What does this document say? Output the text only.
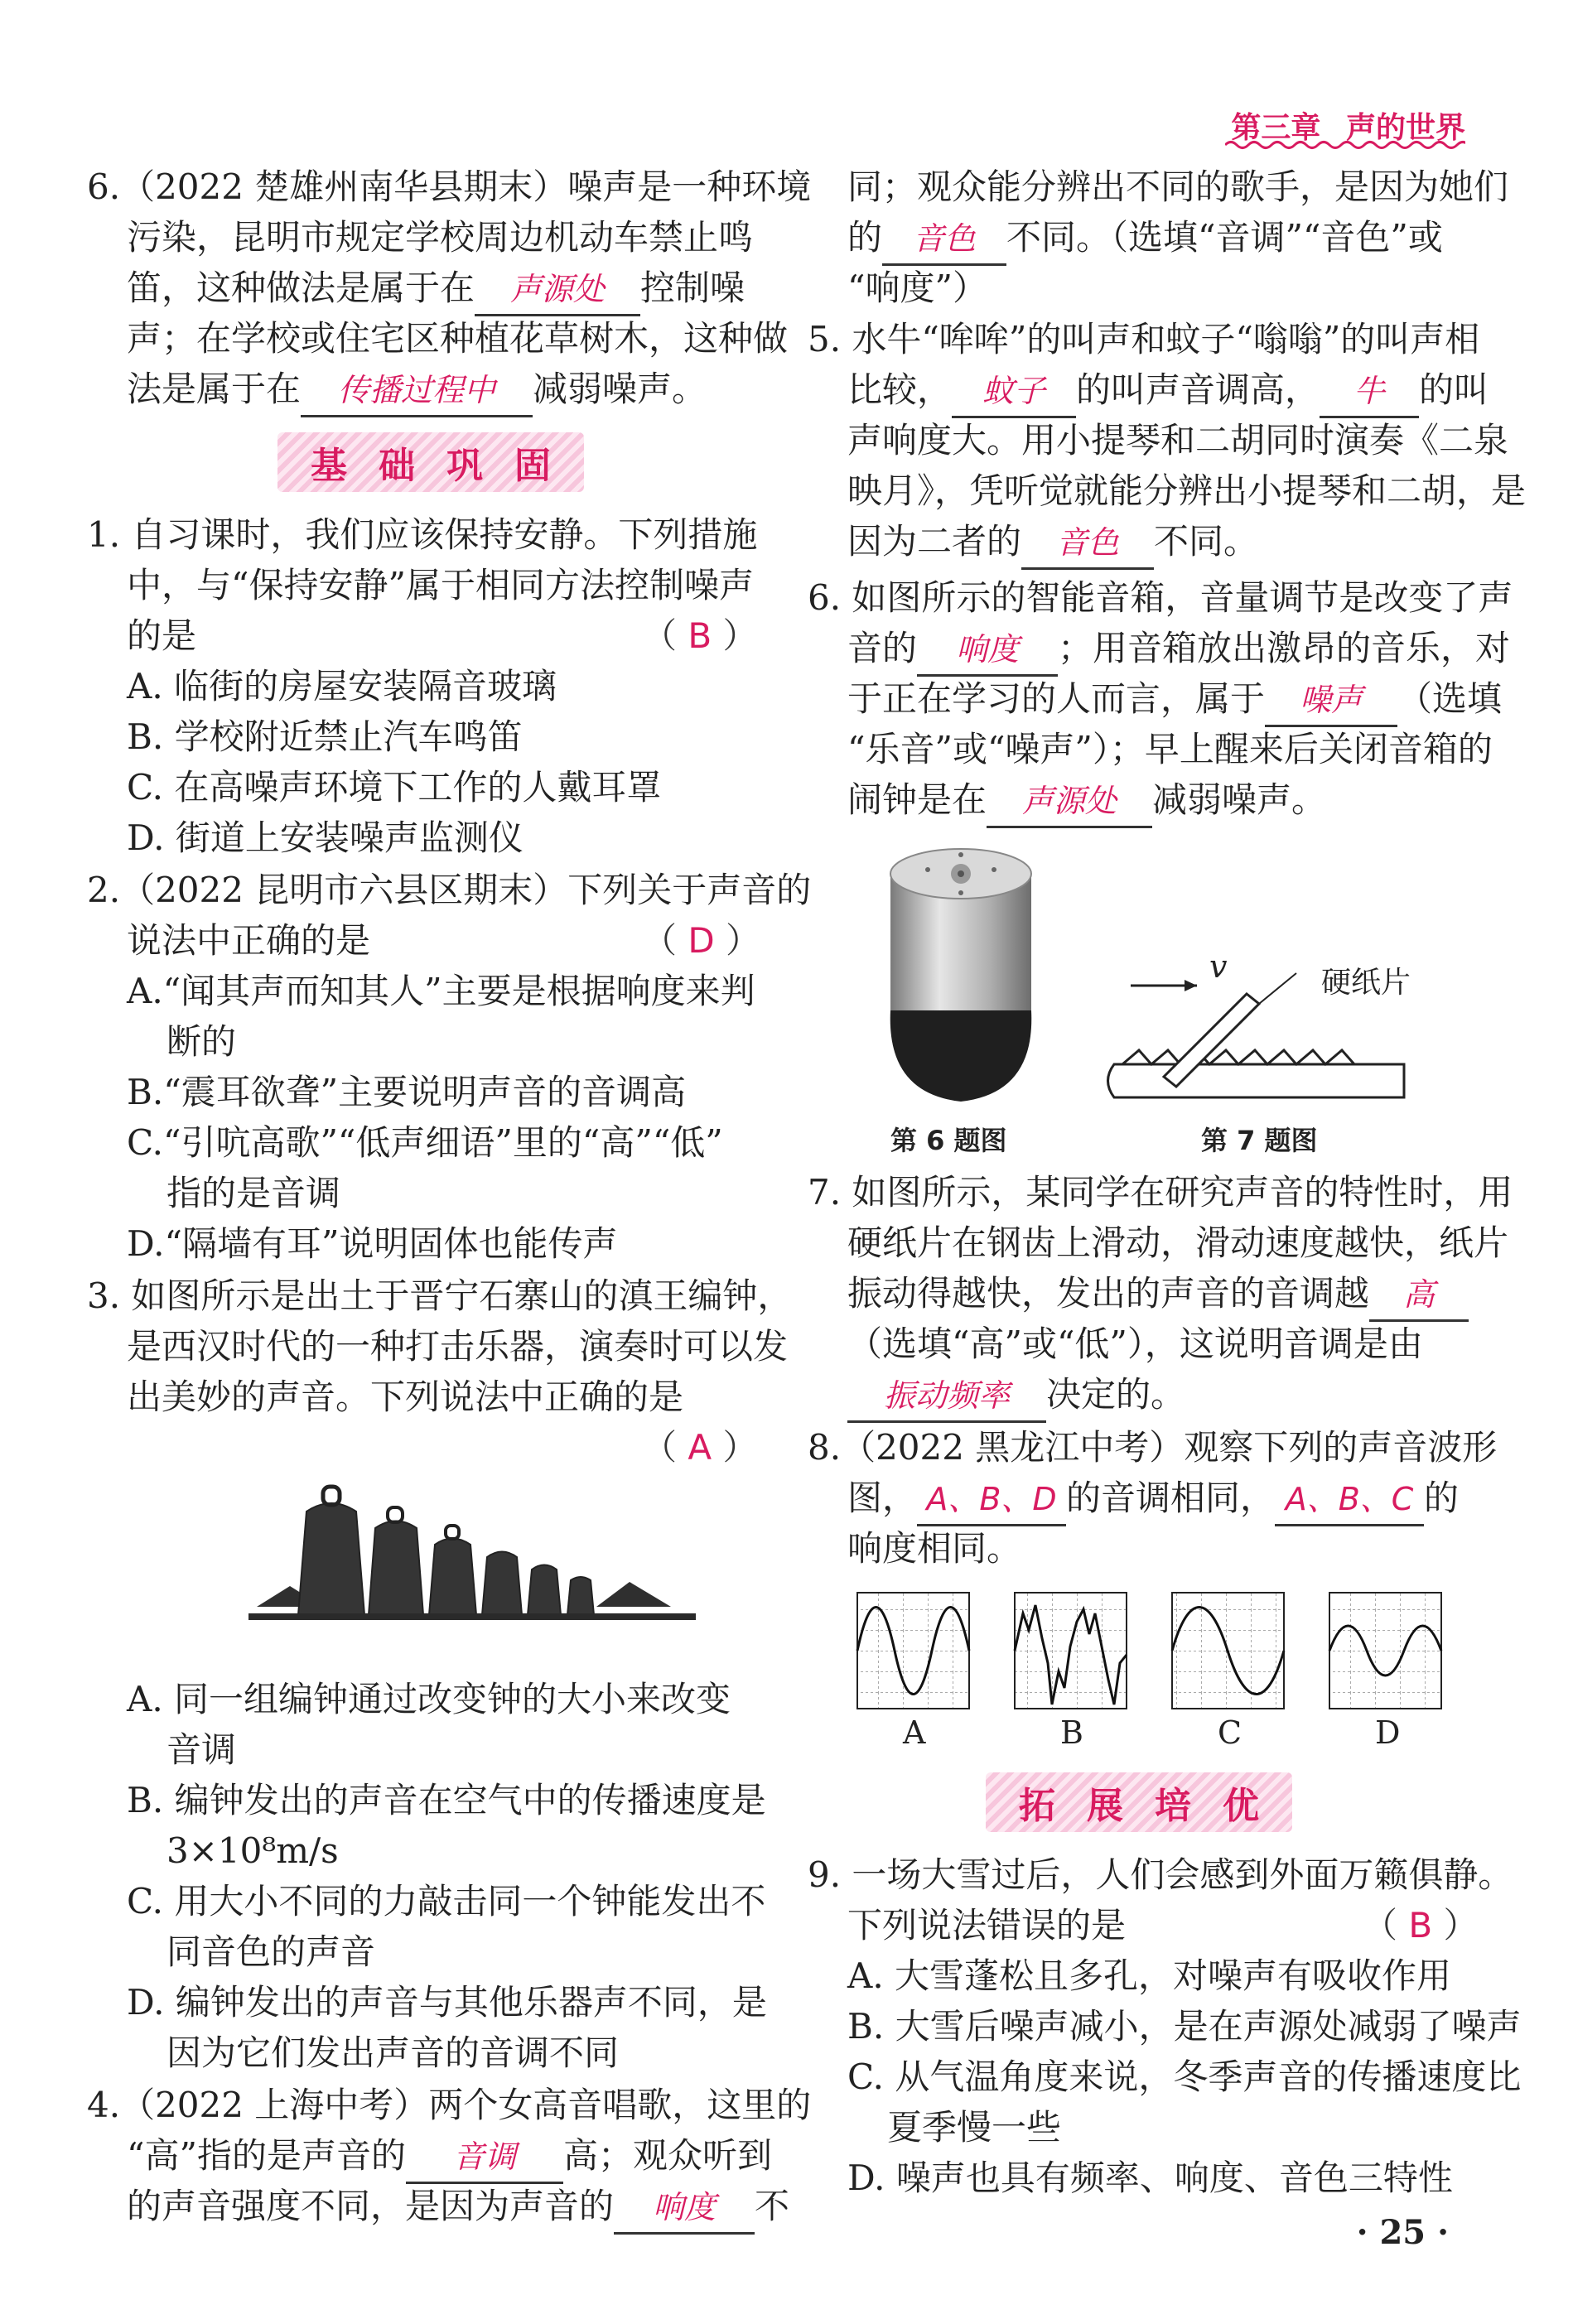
第三章 声的世界
6.（2022 楚雄州南华县期末）噪声是一种环境
污染，昆明市规定学校周边机动车禁止鸣
笛，这种做法是属于在 声源处 控制噪
声；在学校或住宅区种植花草树木，这种做
法是属于在 传播过程中 减弱噪声。
基 础 巩 固
1. 自习课时，我们应该保持安静。下列措施
中，与“保持安静”属于相同方法控制噪声
的是	（ B ）
A. 临街的房屋安装隔音玻璃
B. 学校附近禁止汽车鸣笛
C. 在高噪声环境下工作的人戴耳罩
D. 街道上安装噪声监测仪
2.（2022 昆明市六县区期末）下列关于声音的
说法中正确的是	（ D ）
A.“闻其声而知其人”主要是根据响度来判
断的
B.“震耳欲聋”主要说明声音的音调高
C.“引吭高歌”“低声细语”里的“高”“低”
指的是音调
D.“隔墙有耳”说明固体也能传声
3. 如图所示是出土于晋宁石寨山的滇王编钟，
是西汉时代的一种打击乐器，演奏时可以发
出美妙的声音。下列说法中正确的是
（ A ）
A. 同一组编钟通过改变钟的大小来改变
音调
B. 编钟发出的声音在空气中的传播速度是
3×10⁸m/s
C. 用大小不同的力敲击同一个钟能发出不
同音色的声音
D. 编钟发出的声音与其他乐器声不同，是
因为它们发出声音的音调不同
4.（2022 上海中考）两个女高音唱歌，这里的
“高”指的是声音的 音调 高；观众听到
的声音强度不同，是因为声音的 响度 不
同；观众能分辨出不同的歌手，是因为她们
的 音色 不同。（选填“音调”“音色”或
“响度”）
5. 水牛“哞哞”的叫声和蚊子“嗡嗡”的叫声相
比较， 蚊子 的叫声音调高， 牛 的叫
声响度大。用小提琴和二胡同时演奏《二泉
映月》，凭听觉就能分辨出小提琴和二胡，是
因为二者的 音色 不同。
6. 如图所示的智能音箱，音量调节是改变了声
音的 响度 ；用音箱放出激昂的音乐，对
于正在学习的人而言，属于 噪声 （选填
“乐音”或“噪声”）；早上醒来后关闭音箱的
闹钟是在 声源处 减弱噪声。
第 6 题图
v	硬纸片
第 7 题图
7. 如图所示，某同学在研究声音的特性时，用
硬纸片在钢齿上滑动，滑动速度越快，纸片
振动得越快，发出的声音的音调越 高
（选填“高”或“低”），这说明音调是由
振动频率 决定的。
8.（2022 黑龙江中考）观察下列的声音波形
图， A、B、D 的音调相同， A、B、C 的
响度相同。
A	B	C	D
拓 展 培 优
9. 一场大雪过后，人们会感到外面万籁俱静。
下列说法错误的是	（ B ）
A. 大雪蓬松且多孔，对噪声有吸收作用
B. 大雪后噪声减小，是在声源处减弱了噪声
C. 从气温角度来说，冬季声音的传播速度比
夏季慢一些
D. 噪声也具有频率、响度、音色三特性
· 25 ·
